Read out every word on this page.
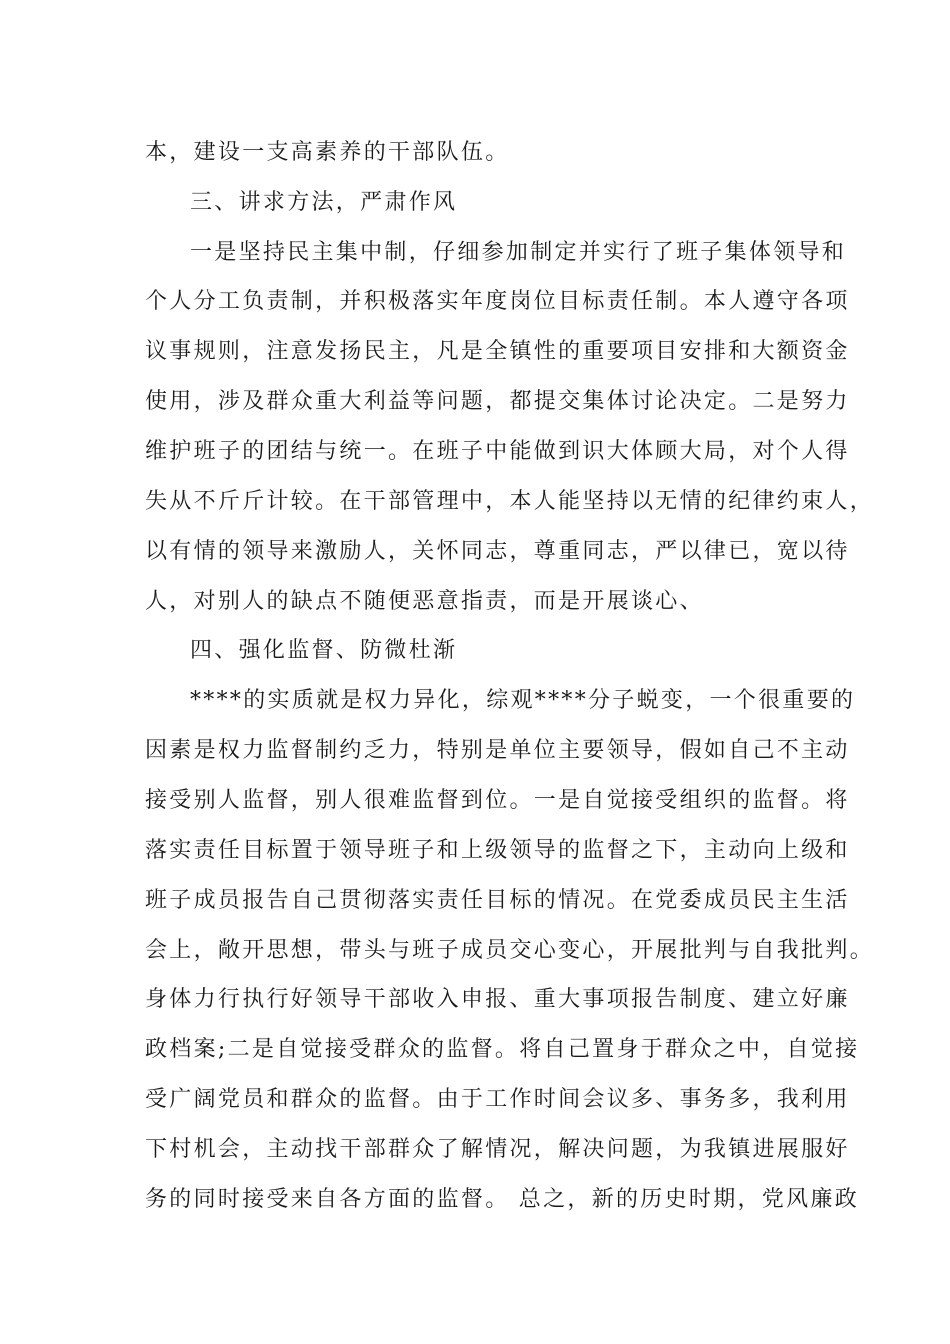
本，建设一支高素养的干部队伍。
三、讲求方法，严肃作风
一是坚持民主集中制，仔细参加制定并实行了班子集体领导和
个人分工负责制，并积极落实年度岗位目标责任制。本人遵守各项
议事规则，注意发扬民主，凡是全镇性的重要项目安排和大额资金
使用，涉及群众重大利益等问题，都提交集体讨论决定。二是努力
维护班子的团结与统一。在班子中能做到识大体顾大局，对个人得
失从不斤斤计较。在干部管理中，本人能坚持以无情的纪律约束人，
以有情的领导来激励人，关怀同志，尊重同志，严以律已，宽以待
人，对别人的缺点不随便恶意指责，而是开展谈心、
四、强化监督、防微杜渐
****的实质就是权力异化，综观****分子蜕变，一个很重要的
因素是权力监督制约乏力，特别是单位主要领导，假如自己不主动
接受别人监督，别人很难监督到位。一是自觉接受组织的监督。将
落实责任目标置于领导班子和上级领导的监督之下，主动向上级和
班子成员报告自己贯彻落实责任目标的情况。在党委成员民主生活
会上，敞开思想，带头与班子成员交心变心，开展批判与自我批判。
身体力行执行好领导干部收入申报、重大事项报告制度、建立好廉
政档案;二是自觉接受群众的监督。将自己置身于群众之中，自觉接
受广阔党员和群众的监督。由于工作时间会议多、事务多，我利用
下村机会，主动找干部群众了解情况，解决问题，为我镇进展服好
务的同时接受来自各方面的监督。 总之，新的历史时期，党风廉政
